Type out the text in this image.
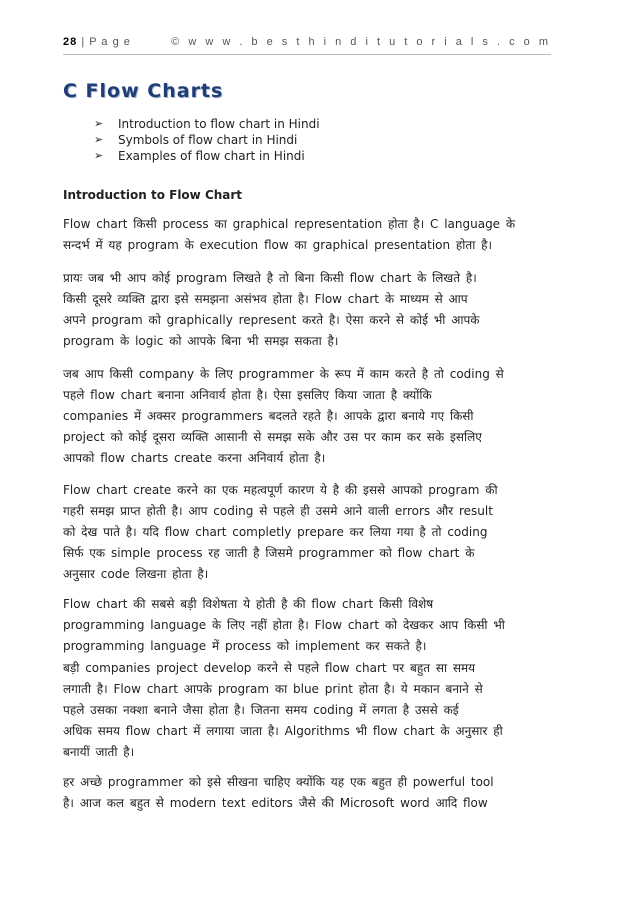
28 | P a g e	© w w w . b e s t h i n d i t u t o r i a l s . c o m
C Flow Charts
➢	Introduction to flow chart in Hindi
➢	Symbols of flow chart in Hindi
➢	Examples of flow chart in Hindi
Introduction to Flow Chart
Flow chart किसी process का graphical representation होता है। C language के
सन्दर्भ में यह program के execution flow का graphical presentation होता है।
प्रायः जब भी आप कोई program लिखते है तो बिना किसी flow chart के लिखते है।
किसी दूसरे व्यक्ति द्वारा इसे समझना असंभव होता है। Flow chart के माध्यम से आप
अपने program को graphically represent करते है। ऐसा करने से कोई भी आपके
program के logic को आपके बिना भी समझ सकता है।
जब आप किसी company के लिए programmer के रूप में काम करते है तो coding से
पहले flow chart बनाना अनिवार्य होता है। ऐसा इसलिए किया जाता है क्योंकि
companies में अक्सर programmers बदलते रहते है। आपके द्वारा बनाये गए किसी
project को कोई दूसरा व्यक्ति आसानी से समझ सके और उस पर काम कर सके इसलिए
आपको flow charts create करना अनिवार्य होता है।
Flow chart create करने का एक महत्वपूर्ण कारण ये है की इससे आपको program की
गहरी समझ प्राप्त होती है। आप coding से पहले ही उसमे आने वाली errors और result
को देख पाते है। यदि flow chart completly prepare कर लिया गया है तो coding
सिर्फ एक simple process रह जाती है जिसमे programmer को flow chart के
अनुसार code लिखना होता है।
Flow chart की सबसे बड़ी विशेषता ये होती है की flow chart किसी विशेष
programming language के लिए नहीं होता है। Flow chart को देखकर आप किसी भी
programming language में process को implement कर सकते है।
बड़ी companies project develop करने से पहले flow chart पर बहुत सा समय
लगाती है। Flow chart आपके program का blue print होता है। ये मकान बनाने से
पहले उसका नक्शा बनाने जैसा होता है। जितना समय coding में लगता है उससे कई
अधिक समय flow chart में लगाया जाता है। Algorithms भी flow chart के अनुसार ही
बनायीं जाती है।
हर अच्छे programmer को इसे सीखना चाहिए क्योंकि यह एक बहुत ही powerful tool
है। आज कल बहुत से modern text editors जैसे की Microsoft word आदि flow
